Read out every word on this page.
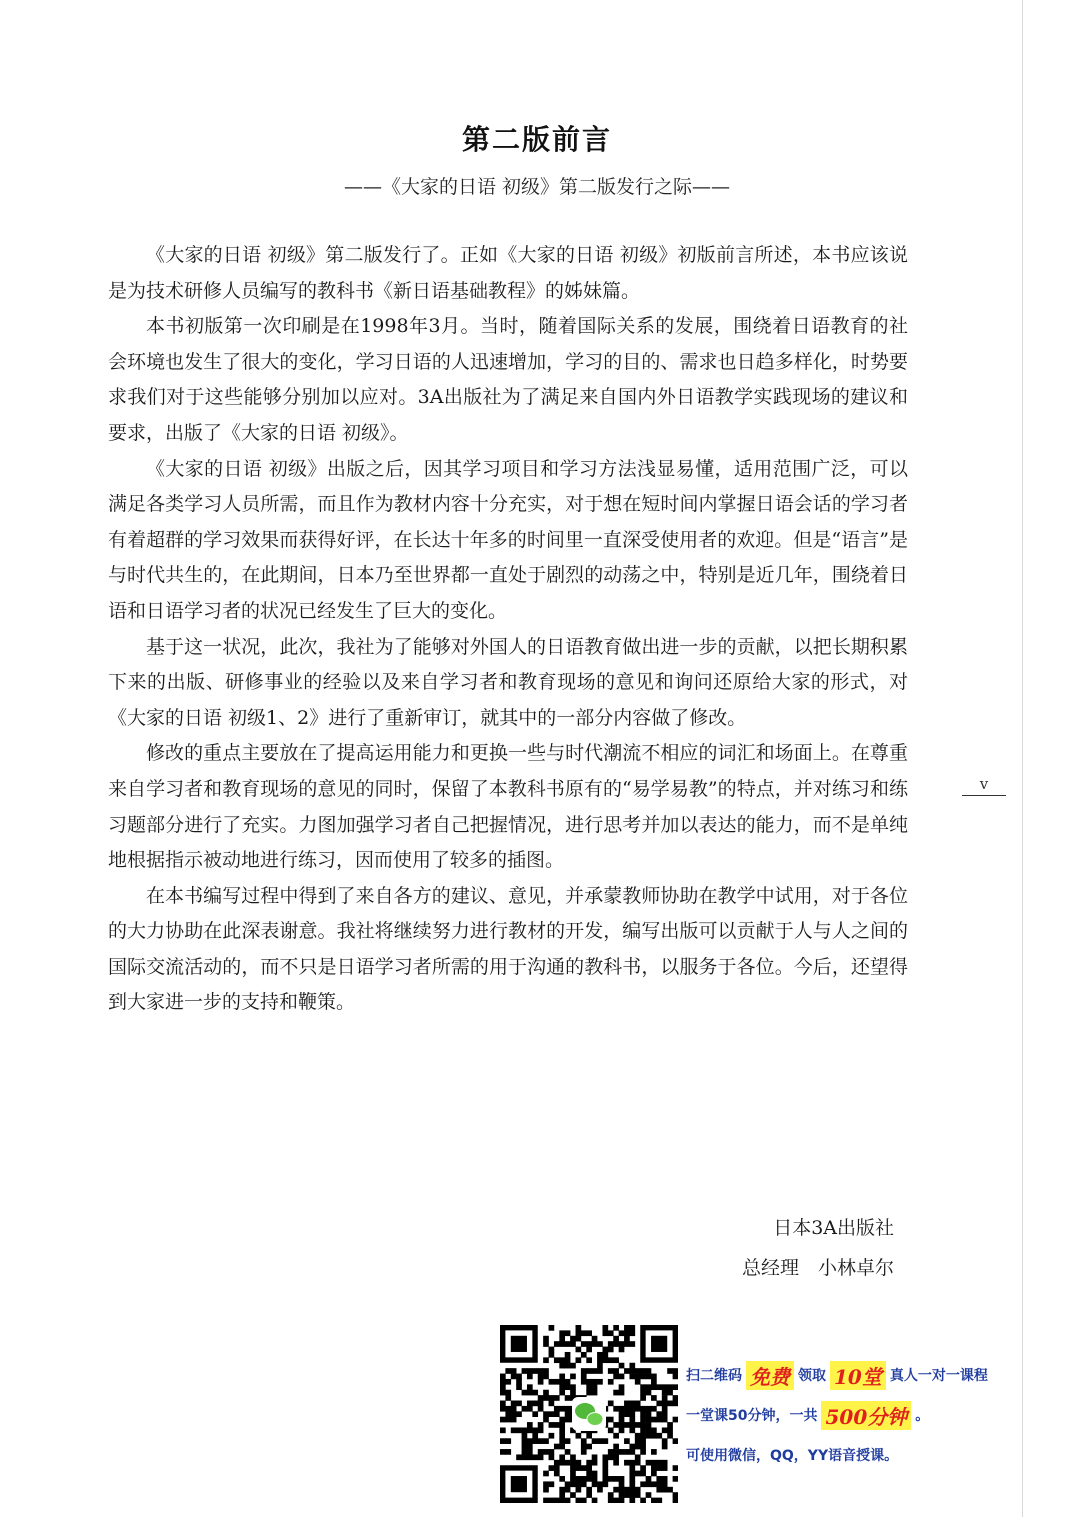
第二版前言
——《大家的日语 初级》第二版发行之际——

《大家的日语 初级》第二版发行了。正如《大家的日语 初级》初版前言所述，本书应该说是为技术研修人员编写的教科书《新日语基础教程》的姊妹篇。

本书初版第一次印刷是在1998年3月。当时，随着国际关系的发展，围绕着日语教育的社会环境也发生了很大的变化，学习日语的人迅速增加，学习的目的、需求也日趋多样化，时势要求我们对于这些能够分别加以应对。3A出版社为了满足来自国内外日语教学实践现场的建议和要求，出版了《大家的日语 初级》。

《大家的日语 初级》出版之后，因其学习项目和学习方法浅显易懂，适用范围广泛，可以满足各类学习人员所需，而且作为教材内容十分充实，对于想在短时间内掌握日语会话的学习者有着超群的学习效果而获得好评，在长达十年多的时间里一直深受使用者的欢迎。但是“语言”是与时代共生的，在此期间，日本乃至世界都一直处于剧烈的动荡之中，特别是近几年，围绕着日语和日语学习者的状况已经发生了巨大的变化。

基于这一状况，此次，我社为了能够对外国人的日语教育做出进一步的贡献，以把长期积累下来的出版、研修事业的经验以及来自学习者和教育现场的意见和询问还原给大家的形式，对《大家的日语 初级1、2》进行了重新审订，就其中的一部分内容做了修改。

修改的重点主要放在了提高运用能力和更换一些与时代潮流不相应的词汇和场面上。在尊重来自学习者和教育现场的意见的同时，保留了本教科书原有的“易学易教”的特点，并对练习和练习题部分进行了充实。力图加强学习者自己把握情况，进行思考并加以表达的能力，而不是单纯地根据指示被动地进行练习，因而使用了较多的插图。

在本书编写过程中得到了来自各方的建议、意见，并承蒙教师协助在教学中试用，对于各位的大力协助在此深表谢意。我社将继续努力进行教材的开发，编写出版可以贡献于人与人之间的国际交流活动的，而不只是日语学习者所需的用于沟通的教科书，以服务于各位。今后，还望得到大家进一步的支持和鞭策。

v
日本3A出版社
总经理　小林卓尔
扫二维码 免费 领取 10堂 真人一对一课程
一堂课50分钟，一共 500分钟 。
可使用微信，QQ，YY语音授课。
